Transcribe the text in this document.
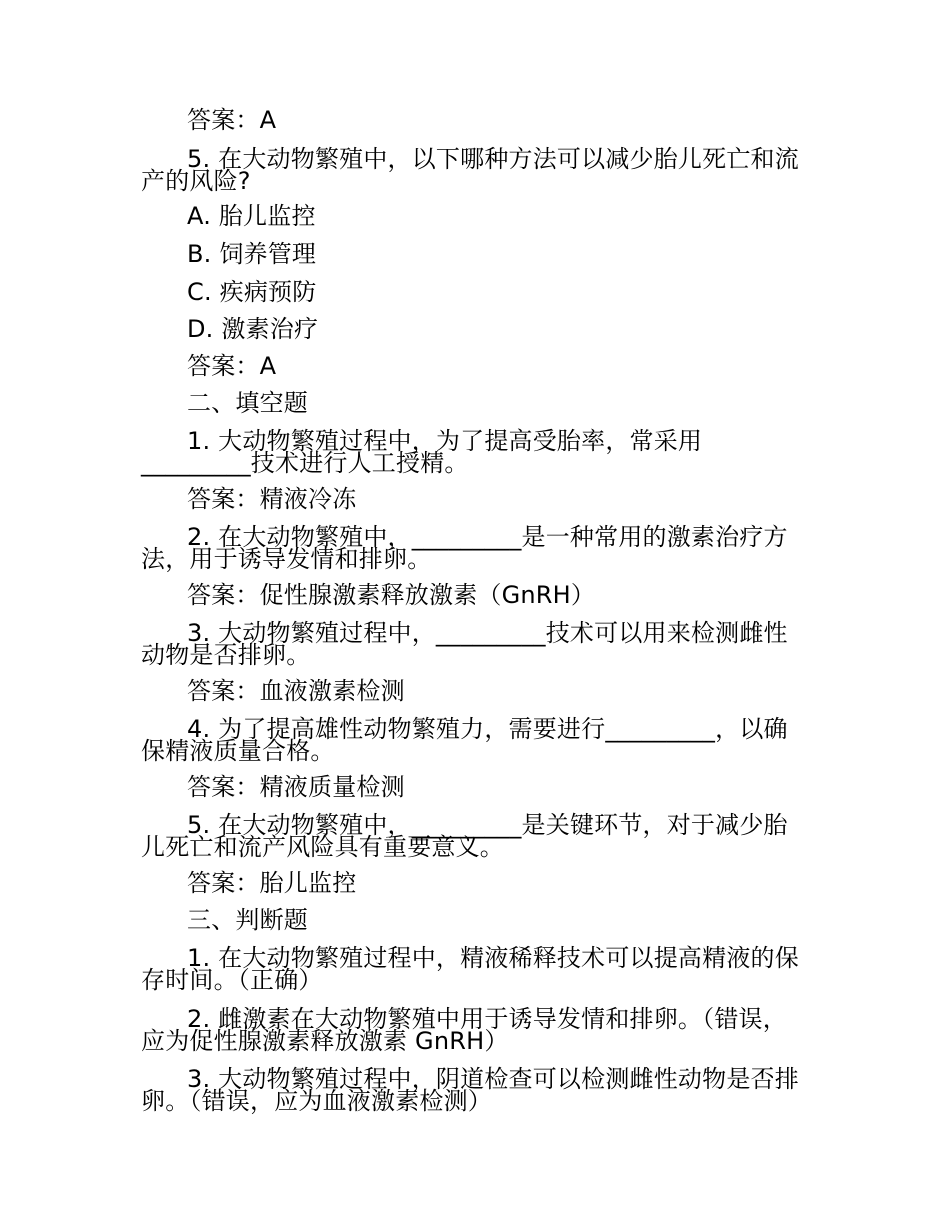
答案：A
5. 在大动物繁殖中，以下哪种方法可以减少胎儿死亡和流
产的风险?
A. 胎儿监控
B. 饲养管理
C. 疾病预防
D. 激素治疗
答案：A
二、填空题
1. 大动物繁殖过程中，为了提高受胎率，常采用
_________技术进行人工授精。
答案：精液冷冻
2. 在大动物繁殖中，_________是一种常用的激素治疗方
法，用于诱导发情和排卵。
答案：促性腺激素释放激素（GnRH）
3. 大动物繁殖过程中，_________技术可以用来检测雌性
动物是否排卵。
答案：血液激素检测
4. 为了提高雄性动物繁殖力，需要进行_________，以确
保精液质量合格。
答案：精液质量检测
5. 在大动物繁殖中，_________是关键环节，对于减少胎
儿死亡和流产风险具有重要意义。
答案：胎儿监控
三、判断题
1. 在大动物繁殖过程中，精液稀释技术可以提高精液的保
存时间。（正确）
2. 雌激素在大动物繁殖中用于诱导发情和排卵。（错误，
应为促性腺激素释放激素 GnRH）
3. 大动物繁殖过程中，阴道检查可以检测雌性动物是否排
卵。（错误，应为血液激素检测）
